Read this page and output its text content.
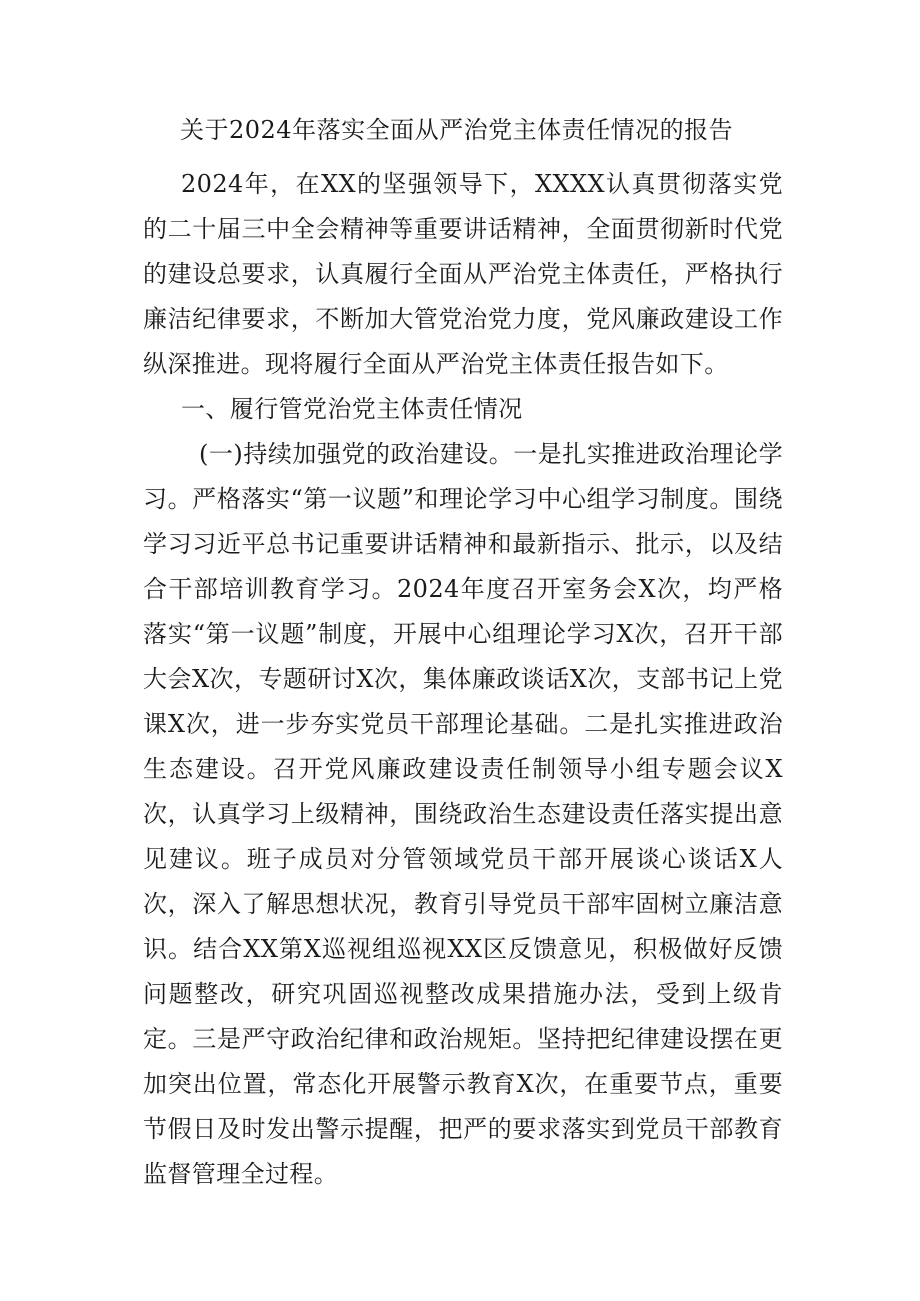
关于2024年落实全面从严治党主体责任情况的报告

2024年，在XX的坚强领导下，XXXX认真贯彻落实党的二十届三中全会精神等重要讲话精神，全面贯彻新时代党的建设总要求，认真履行全面从严治党主体责任，严格执行廉洁纪律要求，不断加大管党治党力度，党风廉政建设工作纵深推进。现将履行全面从严治党主体责任报告如下。

一、履行管党治党主体责任情况

(一)持续加强党的政治建设。一是扎实推进政治理论学习。严格落实“第一议题”和理论学习中心组学习制度。围绕学习习近平总书记重要讲话精神和最新指示、批示，以及结合干部培训教育学习。2024年度召开室务会X次，均严格落实“第一议题”制度，开展中心组理论学习X次，召开干部大会X次，专题研讨X次，集体廉政谈话X次，支部书记上党课X次，进一步夯实党员干部理论基础。二是扎实推进政治生态建设。召开党风廉政建设责任制领导小组专题会议X次，认真学习上级精神，围绕政治生态建设责任落实提出意见建议。班子成员对分管领域党员干部开展谈心谈话X人次，深入了解思想状况，教育引导党员干部牢固树立廉洁意识。结合XX第X巡视组巡视XX区反馈意见，积极做好反馈问题整改，研究巩固巡视整改成果措施办法，受到上级肯定。三是严守政治纪律和政治规矩。坚持把纪律建设摆在更加突出位置，常态化开展警示教育X次，在重要节点，重要节假日及时发出警示提醒，把严的要求落实到党员干部教育监督管理全过程。
